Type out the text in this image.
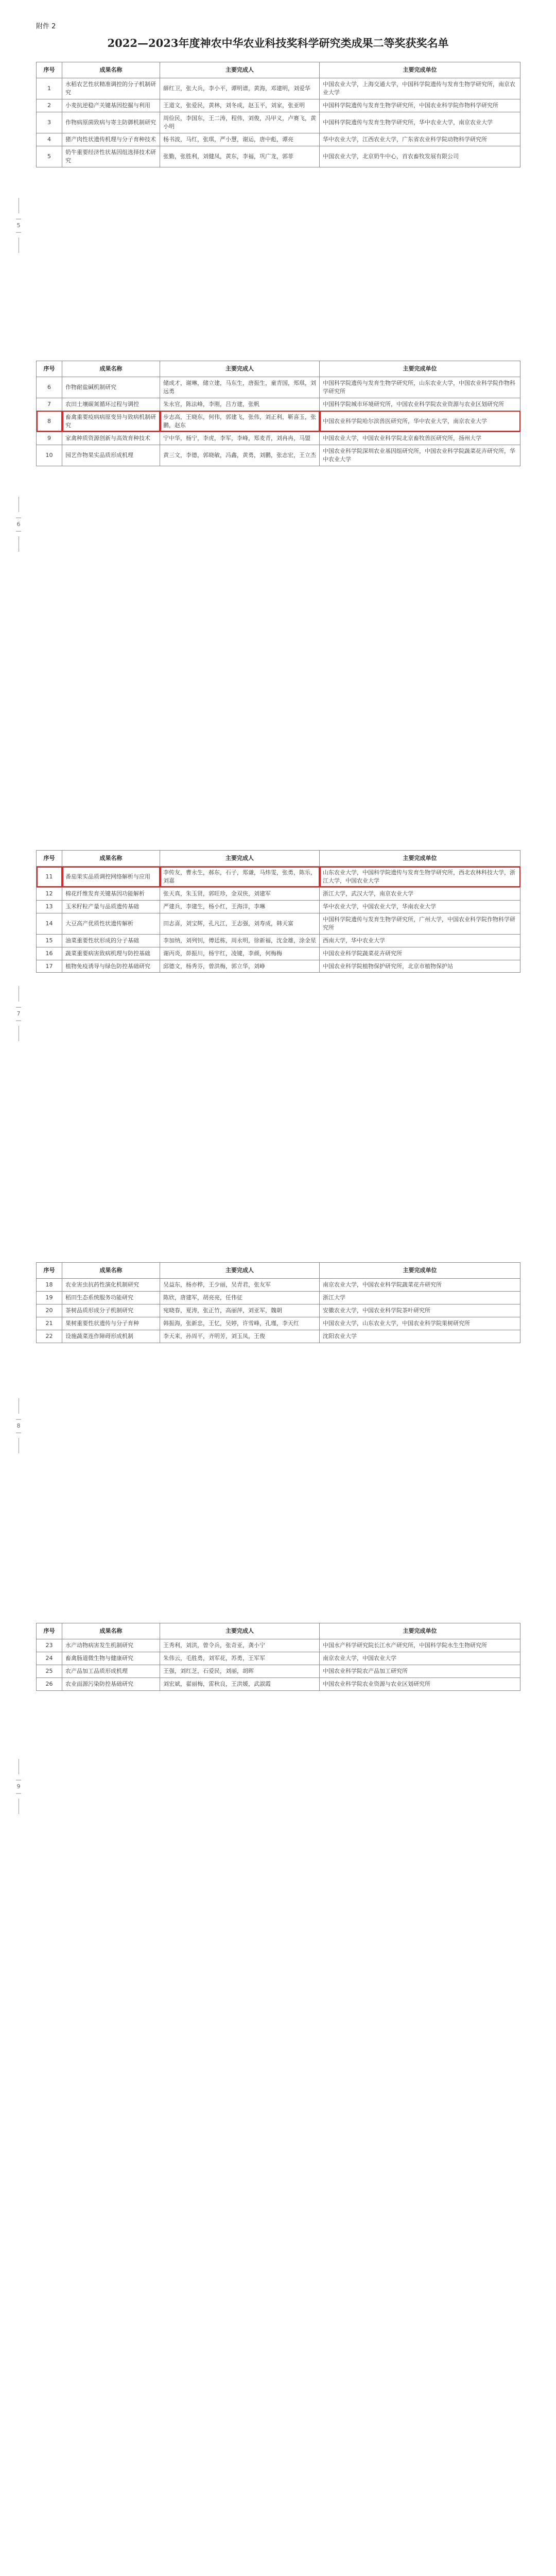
附件 2
2022—2023年度神农中华农业科技奖科学研究类成果二等奖获奖名单
序号	成果名称	主要完成人	主要完成单位
1	水稻农艺性状精准调控的分子机制研究	薛红卫，张大兵，李小平，谭明谱，黄海，邓建明，刘爱华	中国农业大学，上海交通大学，中国科学院遗传与发育生物学研究所，南京农业大学
2	小麦抗逆稳产关键基因挖掘与利用	王道文，张爱民，黄林，刘冬成，赵玉平，刘家，张亚明	中国科学院遗传与发育生物学研究所，中国农业科学院作物科学研究所
3	作物病原菌致病与寄主防御机制研究	周俭民，李国东，王二涛，程伟，刘俊，冯甲义，卢赛飞，黄小明	中国科学院遗传与发育生物学研究所，华中农业大学，南京农业大学
4	猪产肉性状遗传机理与分子育种技术	杨书波，马红，张琪，严小慧，谢运，唐中彪，谭亮	华中农业大学，江西农业大学，广东省农业科学院动物科学研究所
5	奶牛重要经济性状基因组选择技术研究	张勤，张胜利，刘健凤，黄东，李福，巩广龙，郭菲	中国农业大学，北京奶牛中心，首农畜牧发展有限公司
— 5 —
序号	成果名称	主要完成人	主要完成单位
6	作物耐盐碱机制研究	储成才，谢琳，储立建，马东生，唐振生，童青国，郑琪，刘远勇	中国科学院遗传与发育生物学研究所，山东农业大学，中国农业科学院作物科学研究所
7	农田土壤碳氮循环过程与调控	朱永官，陈法峰，李刚，吕方建，张帆	中国科学院城市环境研究所，中国农业科学院农业资源与农业区划研究所
8	畜禽重要疫病病原变异与致病机制研究	步志高，王晓东，何伟，郭建飞，张伟，刘正利，靳喜玉，张鹏，赵东	中国农业科学院哈尔滨兽医研究所，华中农业大学，南京农业大学
9	家禽种质资源创新与高效育种技术	宁中华，杨宁，李虎，李军，李峰，郑麦青，刘冉冉，马盟	中国农业大学，中国农业科学院北京畜牧兽医研究所，扬州大学
10	园艺作物果实品质形成机理	黄三文，李德，郭晓敏，冯鑫，黄勇，刘鹏，张志宏，王立杰	中国农业科学院深圳农业基因组研究所，中国农业科学院蔬菜花卉研究所，华中农业大学
— 6 —
序号	成果名称	主要完成人	主要完成单位
11	番茄果实品质调控网络解析与应用	李传友，曹永生，郝东，石子，郑谦，马炜雯，张勇，陈乐，刘嘉	山东农业大学，中国科学院遗传与发育生物学研究所，西北农林科技大学，浙江大学，中国农业大学
12	棉花纤维发育关键基因功能解析	张天真，朱玉贤，郭旺珍，金双侠，刘建军	浙江大学，武汉大学，南京农业大学
13	玉米籽粒产量与品质遗传基础	严建兵，李建生，杨小红，王海洋，李琳	华中农业大学，中国农业大学，华南农业大学
14	大豆高产优质性状遗传解析	田志喜，刘宝辉，孔凡江，王志强，刘寿成，韩天富	中国科学院遗传与发育生物学研究所，广州大学，中国农业科学院作物科学研究所
15	油菜重要性状形成的分子基础	李加纳，刘列钊，傅廷栋，周永明，徐新福，沈金雄，涂金星	西南大学，华中农业大学
16	蔬菜重要病害致病机理与防控基础	谢丙炎，茆振川，杨宇红，凌键，李颜，何梅梅	中国农业科学院蔬菜花卉研究所
17	植物免疫诱导与绿色防控基础研究	邱德文，杨秀芬，曾洪梅，郭立华，刘峥	中国农业科学院植物保护研究所，北京市植物保护站
— 7 —
序号	成果名称	主要完成人	主要完成单位
18	农业害虫抗药性演化机制研究	吴益东，杨亦桦，王少丽，吴青君，张友军	南京农业大学，中国农业科学院蔬菜花卉研究所
19	稻田生态系统服务功能研究	陈欣，唐建军，胡亮亮，任伟征	浙江大学
20	茶树品质形成分子机制研究	宛晓春，夏涛，张正竹，高丽萍，刘亚军，魏朝	安徽农业大学，中国农业科学院茶叶研究所
21	果树重要性状遗传与分子育种	韩振海，张新忠，王忆，吴婷，许雪峰，孔瑾，李天红	中国农业大学，山东农业大学，中国农业科学院果树研究所
22	设施蔬菜连作障碍形成机制	李天来，孙周平，齐明芳，刘玉凤，王俊	沈阳农业大学
— 8 —
序号	成果名称	主要完成人	主要完成单位
23	水产动物病害发生机制研究	王秀利，刘洪，曾令兵，张奇亚，龚小宁	中国水产科学研究院长江水产研究所，中国科学院水生生物研究所
24	畜禽肠道微生物与健康研究	朱伟云，毛胜勇，刘军花，苏勇，王军军	南京农业大学，中国农业大学
25	农产品加工品质形成机理	王强，刘红芝，石爱民，刘丽，胡晖	中国农业科学院农产品加工研究所
26	农业面源污染防控基础研究	刘宏斌，翟丽梅，雷秋良，王洪媛，武淑霞	中国农业科学院农业资源与农业区划研究所
— 9 —
